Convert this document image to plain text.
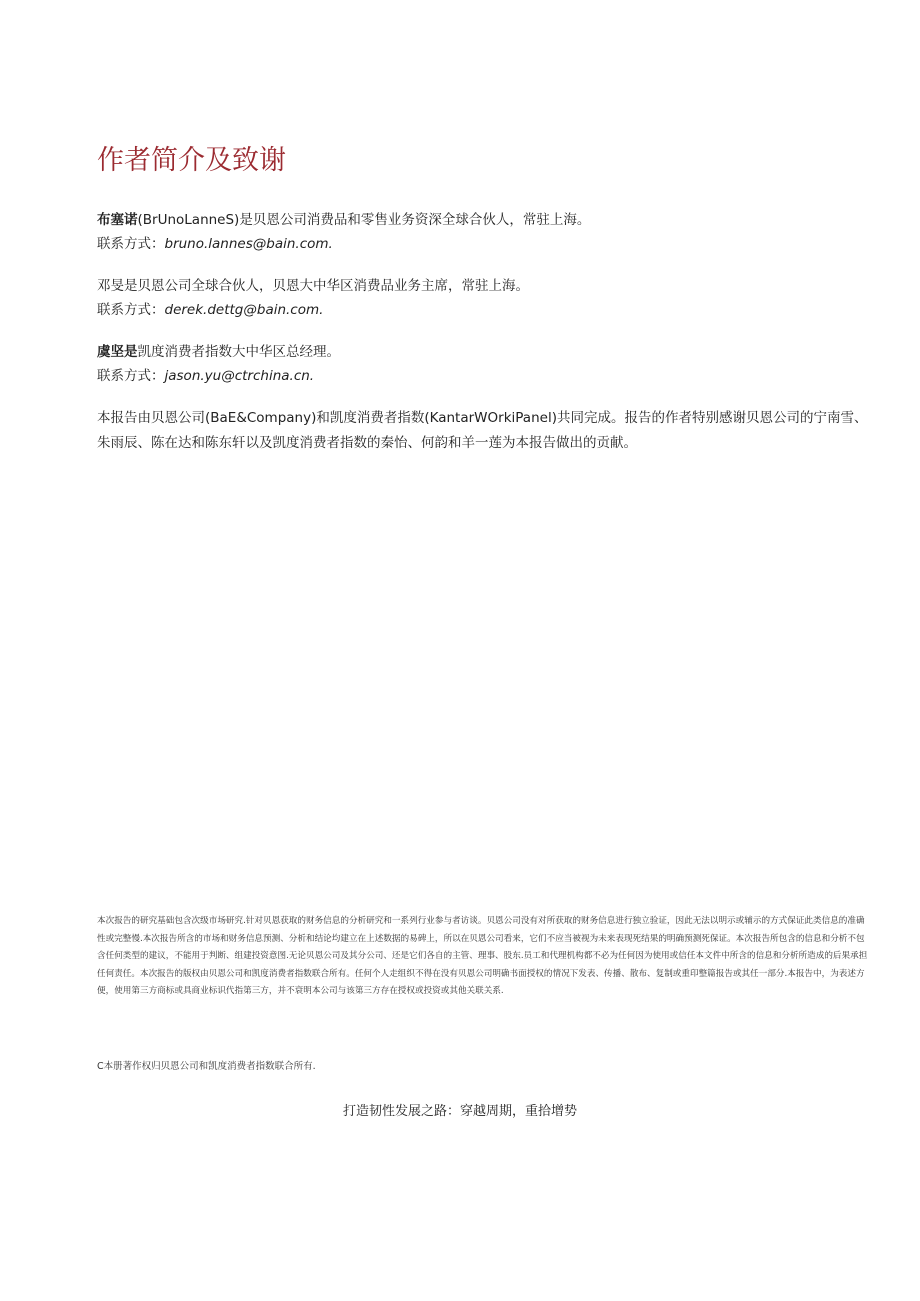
作者简介及致谢
布塞诺(BrUnoLanneS)是贝恩公司消费品和零售业务资深全球合伙人，常驻上海。
联系方式：bruno.lannes@bain.com.
邓旻是贝恩公司全球合伙人，贝恩大中华区消费品业务主席，常驻上海。
联系方式：derek.dettg@bain.com.
虞坚是凯度消费者指数大中华区总经理。
联系方式：jason.yu@ctrchina.cn.
本报告由贝恩公司(BaE&Company)和凯度消费者指数(KantarWOrkiPanel)共同完成。报告的作者特别感谢贝恩公司的宁南雪、朱雨辰、陈在达和陈东轩以及凯度消费者指数的秦怡、何韵和羊一莲为本报告做出的贡献。
本次报告的研究基础包含次级市场研究.针对贝恩获取的财务信息的分析研究和一系列行业参与者访谈。贝恩公司没有对所获取的财务信息进行独立验证，因此无法以明示或辅示的方式保证此类信息的准确性或完整慢.本次报告所含的市场和财务信息预测、分析和结论均建立在上述数据的易碑上，所以在贝恩公司看来，它们不应当被视为未来表现死结果的明确预测死保证。本次报告所包含的信息和分析不包含任何类型的建议，不能用于判断、组建投资意图.无论贝恩公司及其分公司、还是它们各自的主管、理事、股东.员工和代理机构都不必为任何因为使用或信任本文件中所含的信息和分析所造成的后果承担任何责任。本次报告的版权由贝恩公司和凯度消费者指数联合所有。任何个人走组织不得在没有贝恩公司明确书面授权的情况下发表、传播、散布、复制或重印整篇报告或其任一部分.本报告中，为表述方便，使用第三方商标或具商业标识代指第三方，并不衰明本公司与该第三方存在授权或投资或其他关联关系.
C本册著作权归贝恩公司和凯度消费者指数联合所有.
打造韧性发展之路：穿越周期，重拾增势
